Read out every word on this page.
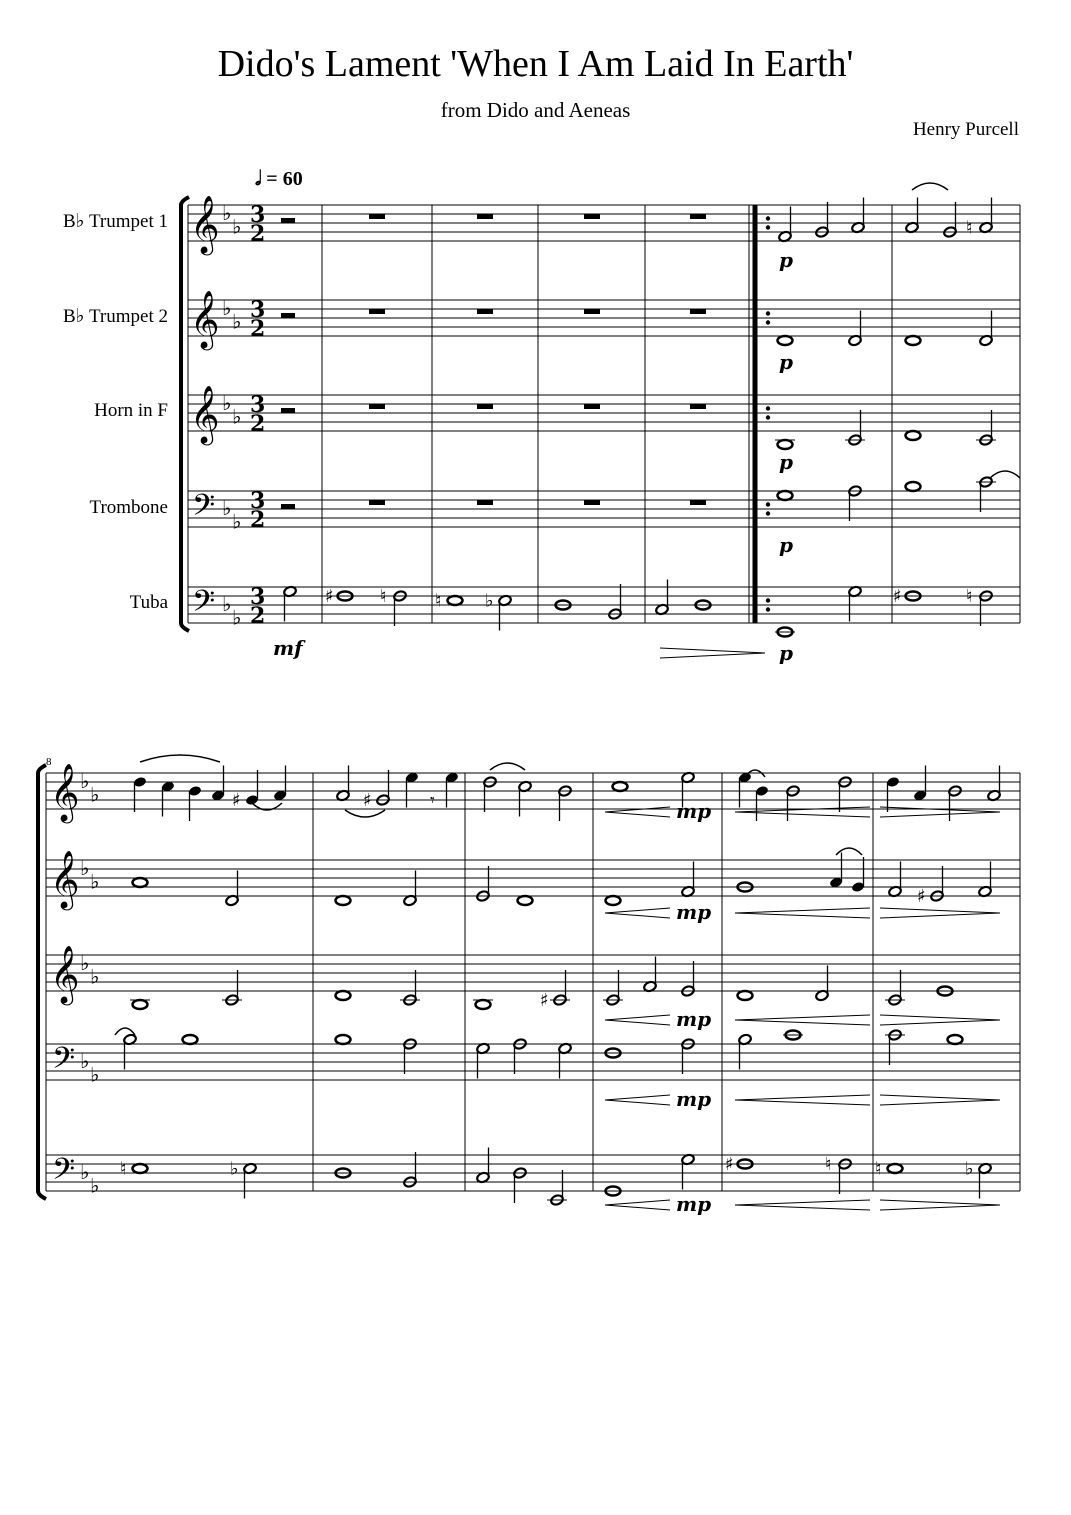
Dido's Lament 'When I Am Laid In Earth'
from Dido and Aeneas
Henry Purcell
𝅗𝅥 = 60
B♭ Trumpet 1
B♭ Trumpet 2
Horn in F
Trombone
Tuba
8
𝄞 ♭
♭ 3
2
𝄞 ♭
♭ 3
2
𝄞 ♭
♭ 3
2
𝄢 ♭
♭
3
2
𝄢 ♭
♭
3
2
♯	♮	♮ ♭
mf
♮
p
p
p
p
♯	♮
p
𝄞 ♭
♭
𝄞 ♭
♭
𝄞 ♭
♭
𝄢 ♭
♭
𝄢 ♭
♭
♯	♯	𝄾	mp
♯
mp
♯
mp
mp
♮	♭	♯	♮ ♮	♭
mp
